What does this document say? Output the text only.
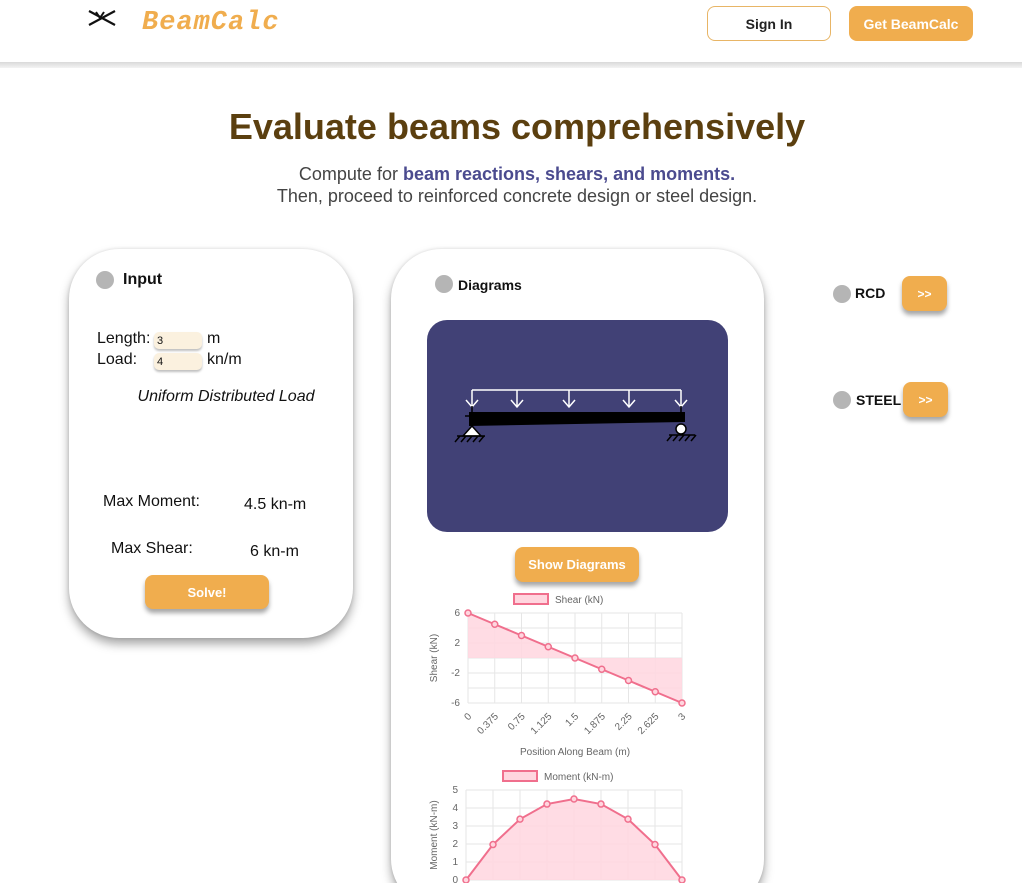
BeamCalc	Sign In	Get BeamCalc
Evaluate beams comprehensively
Compute for beam reactions, shears, and moments.
Then, proceed to reinforced concrete design or steel design.
Input
Length:
3	m
Load:
4	kn/m
Uniform Distributed Load
Max Moment:	4.5 kn-m
Max Shear:	6 kn-m
Solve!
Diagrams
Show Diagrams
Shear (kN)
6
2
-2
-6
Shear (kN)
0 0.375 0.75 1.125 1.5 1.875 2.25 2.625 3
Position Along Beam (m)
Moment (kN-m)
5
4
3
2
1
0
Moment (kN-m)
RCD	>>
STEEL	>>
